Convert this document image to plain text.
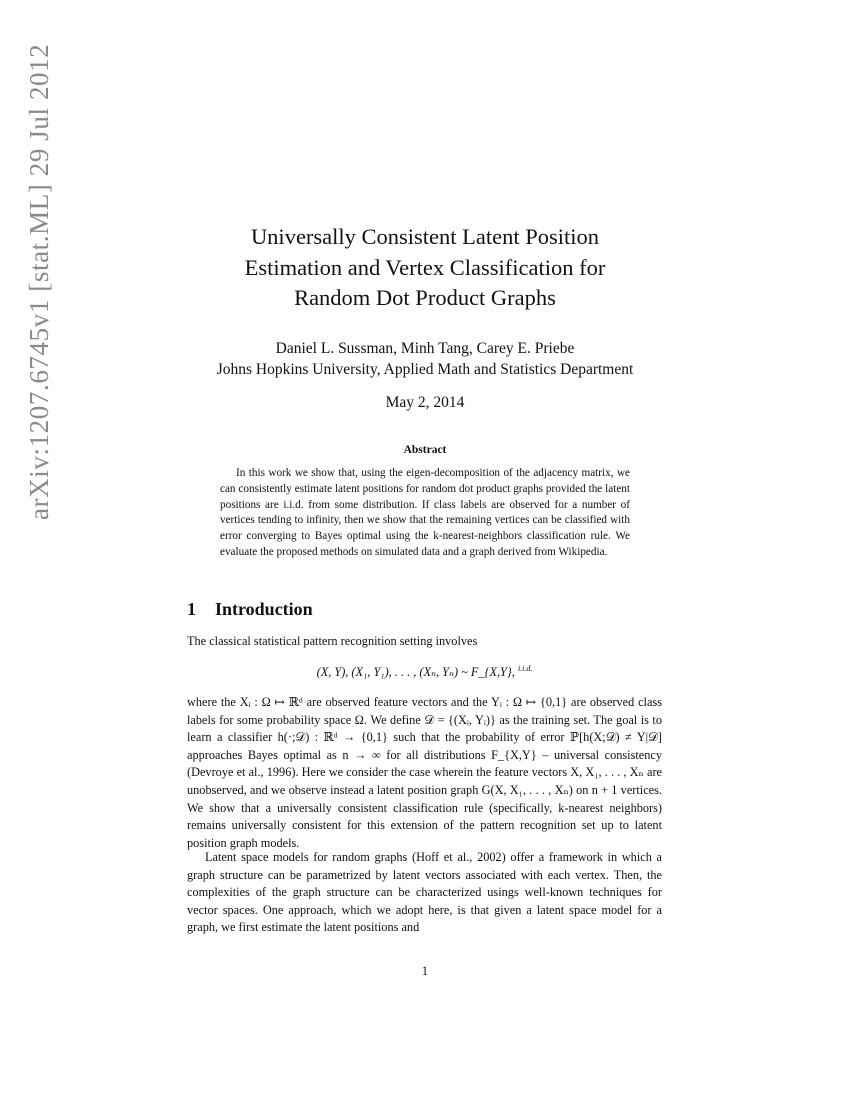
arXiv:1207.6745v1 [stat.ML] 29 Jul 2012	Universally Consistent Latent Position
Estimation and Vertex Classification for
Random Dot Product Graphs
Daniel L. Sussman, Minh Tang, Carey E. Priebe
Johns Hopkins University, Applied Math and Statistics Department
May 2, 2014
Abstract
In this work we show that, using the eigen-decomposition of the adjacency matrix, we can consistently estimate latent positions for random dot product graphs provided the latent positions are i.i.d. from some distribution. If class labels are observed for a number of vertices tending to infinity, then we show that the remaining vertices can be classified with error converging to Bayes optimal using the k-nearest-neighbors classification rule. We evaluate the proposed methods on simulated data and a graph derived from Wikipedia.
1 Introduction

The classical statistical pattern recognition setting involves

(X, Y), (X₁, Y₁), . . . , (Xₙ, Yₙ) ~ F_{X,Y}, $^{i.i.d.}$

where the Xᵢ : Ω ↦ ℝᵈ are observed feature vectors and the Yᵢ : Ω ↦ {0,1} are observed class labels for some probability space Ω. We define 𝒟 = {(Xᵢ, Yᵢ)} as the training set. The goal is to learn a classifier h(·;𝒟) : ℝᵈ → {0,1} such that the probability of error ℙ[h(X;𝒟) ≠ Y|𝒟] approaches Bayes optimal as n → ∞ for all distributions F_{X,Y} – universal consistency (Devroye et al., 1996). Here we consider the case wherein the feature vectors X, X₁, . . . , Xₙ are unobserved, and we observe instead a latent position graph G(X, X₁, . . . , Xₙ) on n + 1 vertices. We show that a universally consistent classification rule (specifically, k-nearest neighbors) remains universally consistent for this extension of the pattern recognition set up to latent position graph models.

Latent space models for random graphs (Hoff et al., 2002) offer a framework in which a graph structure can be parametrized by latent vectors associated with each vertex. Then, the complexities of the graph structure can be characterized usings well-known techniques for vector spaces. One approach, which we adopt here, is that given a latent space model for a graph, we first estimate the latent positions and

1
